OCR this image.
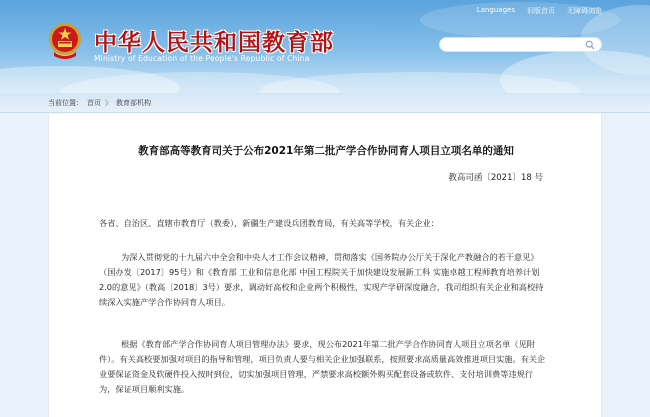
Languages 旧版首页 无障碍浏览
中华人民共和国教育部
Ministry of Education of the People's Republic of China
当前位置： 首页 》 教育部机构
教育部高等教育司关于公布2021年第二批产学合作协同育人项目立项名单的通知
教高司函〔2021〕18 号
各省、自治区、直辖市教育厅（教委），新疆生产建设兵团教育局，有关高等学校，有关企业：
为深入贯彻党的十九届六中全会和中央人才工作会议精神，贯彻落实《国务院办公厅关于深化产教融合的若干意见》（国办发〔2017〕95号）和《教育部 工业和信息化部 中国工程院关于加快建设发展新工科 实施卓越工程师教育培养计划2.0的意见》（教高〔2018〕3号）要求，调动好高校和企业两个积极性，实现产学研深度融合，我司组织有关企业和高校持续深入实施产学合作协同育人项目。
根据《教育部产学合作协同育人项目管理办法》要求，现公布2021年第二批产学合作协同育人项目立项名单（见附件）。有关高校要加强对项目的指导和管理，项目负责人要与相关企业加强联系，按照要求高质量高效推进项目实施。有关企业要保证资金及软硬件投入按时到位，切实加强项目管理，严禁要求高校额外购买配套设备或软件、支付培训费等违规行为，保证项目顺利实施。
